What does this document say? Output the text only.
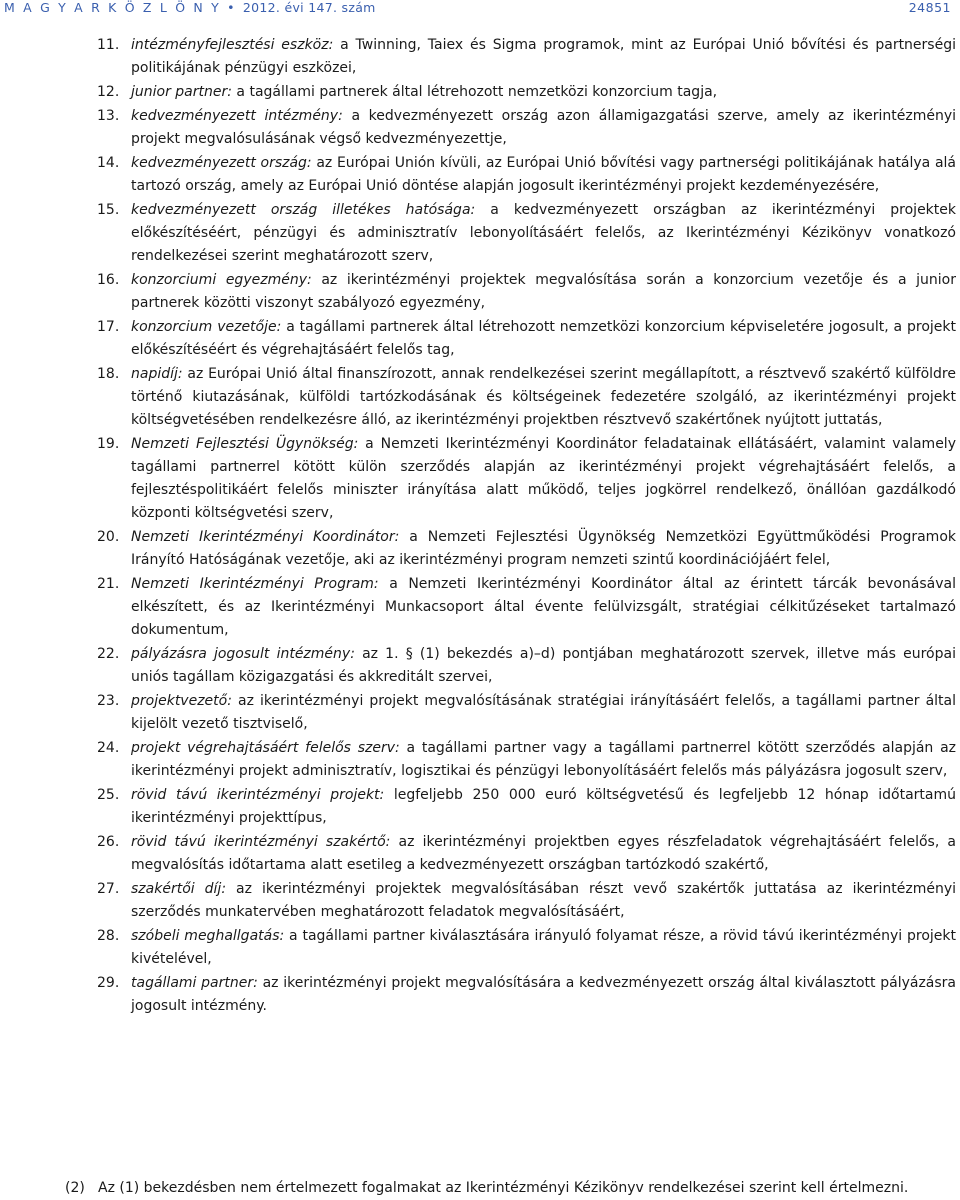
M A G Y A R K Ö Z L Ö N Y • 2012. évi 147. szám	24851
11. intézményfejlesztési eszköz: a Twinning, Taiex és Sigma programok, mint az Európai Unió bővítési és partnerségi politikájának pénzügyi eszközei,
12. junior partner: a tagállami partnerek által létrehozott nemzetközi konzorcium tagja,
13. kedvezményezett intézmény: a kedvezményezett ország azon államigazgatási szerve, amely az ikerintézményi projekt megvalósulásának végső kedvezményezettje,
14. kedvezményezett ország: az Európai Unión kívüli, az Európai Unió bővítési vagy partnerségi politikájának hatálya alá tartozó ország, amely az Európai Unió döntése alapján jogosult ikerintézményi projekt kezdeményezésére,
15. kedvezményezett ország illetékes hatósága: a kedvezményezett országban az ikerintézményi projektek előkészítéséért, pénzügyi és adminisztratív lebonyolításáért felelős, az Ikerintézményi Kézikönyv vonatkozó rendelkezései szerint meghatározott szerv,
16. konzorciumi egyezmény: az ikerintézményi projektek megvalósítása során a konzorcium vezetője és a junior partnerek közötti viszonyt szabályozó egyezmény,
17. konzorcium vezetője: a tagállami partnerek által létrehozott nemzetközi konzorcium képviseletére jogosult, a projekt előkészítéséért és végrehajtásáért felelős tag,
18. napidíj: az Európai Unió által finanszírozott, annak rendelkezései szerint megállapított, a résztvevő szakértő külföldre történő kiutazásának, külföldi tartózkodásának és költségeinek fedezetére szolgáló, az ikerintézményi projekt költségvetésében rendelkezésre álló, az ikerintézményi projektben résztvevő szakértőnek nyújtott juttatás,
19. Nemzeti Fejlesztési Ügynökség: a Nemzeti Ikerintézményi Koordinátor feladatainak ellátásáért, valamint valamely tagállami partnerrel kötött külön szerződés alapján az ikerintézményi projekt végrehajtásáért felelős, a fejlesztéspolitikáért felelős miniszter irányítása alatt működő, teljes jogkörrel rendelkező, önállóan gazdálkodó központi költségvetési szerv,
20. Nemzeti Ikerintézményi Koordinátor: a Nemzeti Fejlesztési Ügynökség Nemzetközi Együttműködési Programok Irányító Hatóságának vezetője, aki az ikerintézményi program nemzeti szintű koordinációjáért felel,
21. Nemzeti Ikerintézményi Program: a Nemzeti Ikerintézményi Koordinátor által az érintett tárcák bevonásával elkészített, és az Ikerintézményi Munkacsoport által évente felülvizsgált, stratégiai célkitűzéseket tartalmazó dokumentum,
22. pályázásra jogosult intézmény: az 1. § (1) bekezdés a)–d) pontjában meghatározott szervek, illetve más európai uniós tagállam közigazgatási és akkreditált szervei,
23. projektvezető: az ikerintézményi projekt megvalósításának stratégiai irányításáért felelős, a tagállami partner által kijelölt vezető tisztviselő,
24. projekt végrehajtásáért felelős szerv: a tagállami partner vagy a tagállami partnerrel kötött szerződés alapján az ikerintézményi projekt adminisztratív, logisztikai és pénzügyi lebonyolításáért felelős más pályázásra jogosult szerv,
25. rövid távú ikerintézményi projekt: legfeljebb 250 000 euró költségvetésű és legfeljebb 12 hónap időtartamú ikerintézményi projekttípus,
26. rövid távú ikerintézményi szakértő: az ikerintézményi projektben egyes részfeladatok végrehajtásáért felelős, a megvalósítás időtartama alatt esetileg a kedvezményezett országban tartózkodó szakértő,
27. szakértői díj: az ikerintézményi projektek megvalósításában részt vevő szakértők juttatása az ikerintézményi szerződés munkatervében meghatározott feladatok megvalósításáért,
28. szóbeli meghallgatás: a tagállami partner kiválasztására irányuló folyamat része, a rövid távú ikerintézményi projekt kivételével,
29. tagállami partner: az ikerintézményi projekt megvalósítására a kedvezményezett ország által kiválasztott pályázásra jogosult intézmény.
(2) Az (1) bekezdésben nem értelmezett fogalmakat az Ikerintézményi Kézikönyv rendelkezései szerint kell értelmezni.
